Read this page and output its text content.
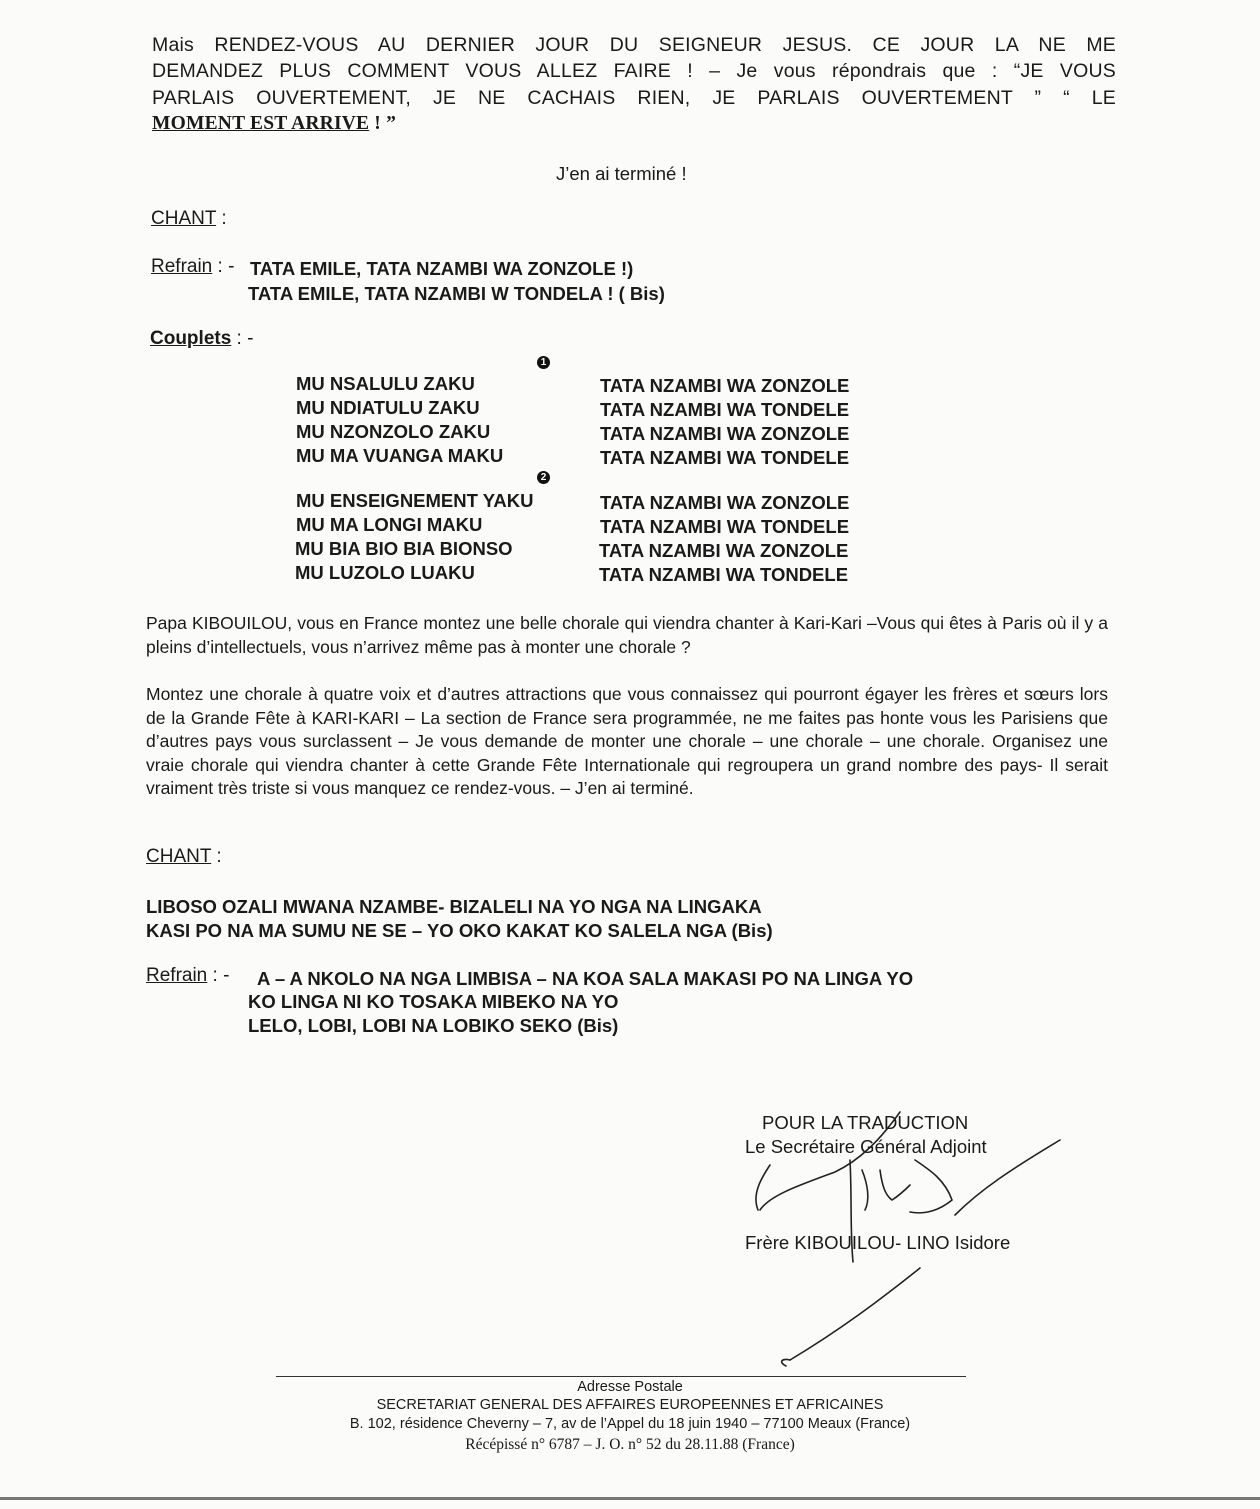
Mais RENDEZ-VOUS AU DERNIER JOUR DU SEIGNEUR JESUS. CE JOUR LA NE ME
DEMANDEZ PLUS COMMENT VOUS ALLEZ FAIRE ! – Je vous répondrais que : “JE VOUS
PARLAIS OUVERTEMENT, JE NE CACHAIS RIEN, JE PARLAIS OUVERTEMENT ” “ LE
MOMENT EST ARRIVE ! ”
J’en ai terminé !
CHANT :
Refrain : - TATA EMILE, TATA NZAMBI WA ZONZOLE !)
TATA EMILE, TATA NZAMBI W TONDELA ! ( Bis)
Couplets : -
1
MU NSALULU ZAKU	TATA NZAMBI WA ZONZOLE
MU NDIATULU ZAKU	TATA NZAMBI WA TONDELE
MU NZONZOLO ZAKU	TATA NZAMBI WA ZONZOLE
MU MA VUANGA MAKU	TATA NZAMBI WA TONDELE
2
MU ENSEIGNEMENT YAKU	TATA NZAMBI WA ZONZOLE
MU MA LONGI MAKU	TATA NZAMBI WA TONDELE
MU BIA BIO BIA BIONSO	TATA NZAMBI WA ZONZOLE
MU LUZOLO LUAKU	TATA NZAMBI WA TONDELE
Papa KIBOUILOU, vous en France montez une belle chorale qui viendra chanter à Kari-Kari –Vous qui êtes à Paris où il y a pleins d’intellectuels, vous n’arrivez même pas à monter une chorale ?
Montez une chorale à quatre voix et d’autres attractions que vous connaissez qui pourront égayer les frères et sœurs lors de la Grande Fête à KARI-KARI – La section de France sera programmée, ne me faites pas honte vous les Parisiens que d’autres pays vous surclassent – Je vous demande de monter une chorale – une chorale – une chorale. Organisez une vraie chorale qui viendra chanter à cette Grande Fête Internationale qui regroupera un grand nombre des pays- Il serait vraiment très triste si vous manquez ce rendez-vous. – J’en ai terminé.
CHANT :
LIBOSO OZALI MWANA NZAMBE- BIZALELI NA YO NGA NA LINGAKA
KASI PO NA MA SUMU NE SE – YO OKO KAKAT KO SALELA NGA (Bis)
Refrain : - A – A NKOLO NA NGA LIMBISA – NA KOA SALA MAKASI PO NA LINGA YO
KO LINGA NI KO TOSAKA MIBEKO NA YO
LELO, LOBI, LOBI NA LOBIKO SEKO (Bis)
POUR LA TRADUCTION
Le Secrétaire Général Adjoint
Frère KIBOUILOU- LINO Isidore
Adresse Postale
SECRETARIAT GENERAL DES AFFAIRES EUROPEENNES ET AFRICAINES
B. 102, résidence Cheverny – 7, av de l’Appel du 18 juin 1940 – 77100 Meaux (France)
Récépissé n° 6787 – J. O. n° 52 du 28.11.88 (France)
